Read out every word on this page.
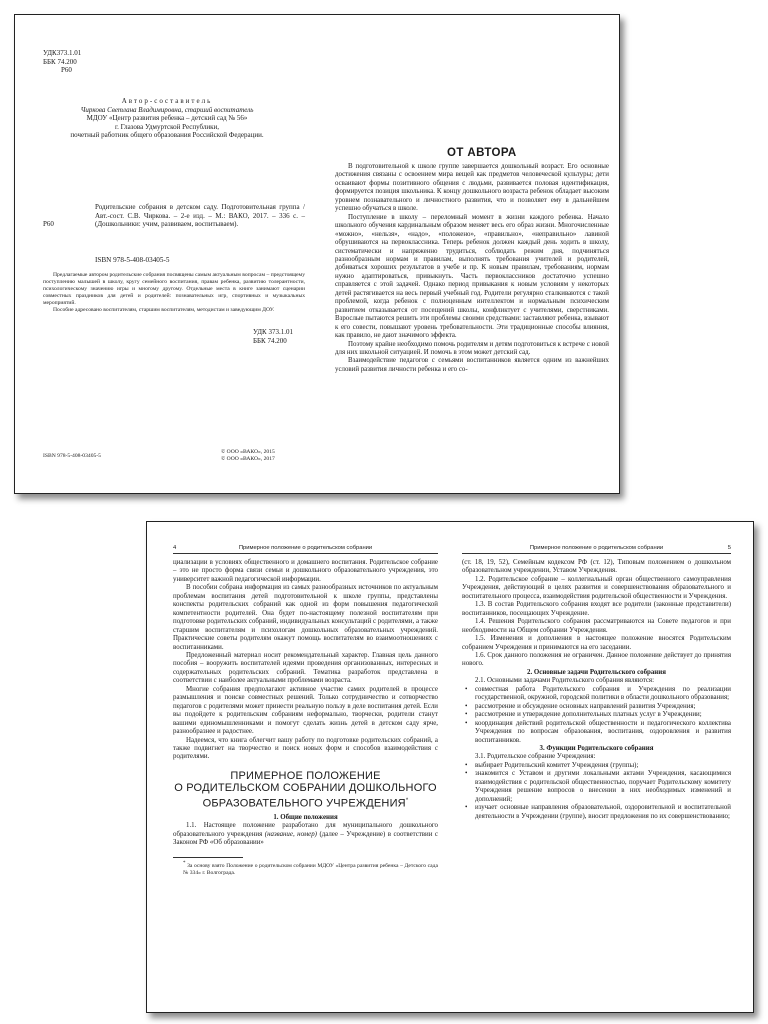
УДК373.1.01
ББК 74.200
Р60
Автор-составитель
Чиркова Светлана Владимировна, старший воспитатель
МДОУ «Центр развития ребенка – детский сад № 56»
г. Глазова Удмуртской Республики,
почетный работник общего образования Российской Федерации.
Р60
Родительские собрания в детском саду. Подготовительная группа / Авт.-сост. С.В. Чиркова. – 2-е изд. – М.: ВАКО, 2017. – 336 с. – (Дошкольники: учим, развиваем, воспитываем).
ISBN 978-5-408-03405-5

Предлагаемые автором родительские собрания посвящены самым актуальным вопросам – предстоящему поступлению малышей в школу, кругу семейного воспитания, правам ребенка, развитию толерантности, психологическому значению игры и многому другому. Отдельные места в книге занимают сценарии совместных праздников для детей и родителей: познавательных игр, спортивных и музыкальных мероприятий.

Пособие адресовано воспитателям, старшим воспитателям, методистам и заведующим ДОУ.

УДК 373.1.01
ББК 74.200
ISBN 978-5-408-03405-5
© ООО «ВАКО», 2015
© ООО «ВАКО», 2017
ОТ АВТОРА

В подготовительной к школе группе завершается дошкольный возраст. Его основные достижения связаны с освоением мира вещей как предметов человеческой культуры; дети осваивают формы позитивного общения с людьми, развивается половая идентификация, формируется позиция школьника. К концу дошкольного возраста ребенок обладает высоким уровнем познавательного и личностного развития, что и позволяет ему в дальнейшем успешно обучаться в школе.

Поступление в школу – переломный момент в жизни каждого ребенка. Начало школьного обучения кардинальным образом меняет весь его образ жизни. Многочисленные «можно», «нельзя», «надо», «положено», «правильно», «неправильно» лавиной обрушиваются на первоклассника. Теперь ребенок должен каждый день ходить в школу, систематически и напряженно трудиться, соблюдать режим дня, подчиняться разнообразным нормам и правилам, выполнять требования учителей и родителей, добиваться хороших результатов в учебе и пр. К новым правилам, требованиям, нормам нужно адаптироваться, привыкнуть. Часть первоклассников достаточно успешно справляется с этой задачей. Однако период привыкания к новым условиям у некоторых детей растягивается на весь первый учебный год. Родители регулярно сталкиваются с такой проблемой, когда ребенок с полноценным интеллектом и нормальным психическим развитием отказывается от посещений школы, конфликтует с учителями, сверстниками. Взрослые пытаются решить эти проблемы своими средствами: заставляют ребенка, взывают к его совести, повышают уровень требовательности. Эти традиционные способы влияния, как правило, не дают значимого эффекта.

Поэтому крайне необходимо помочь родителям и детям подготовиться к встрече с новой для них школьной ситуацией. И помочь в этом может детский сад.

Взаимодействие педагогов с семьями воспитанников является одним из важнейших условий развития личности ребенка и его со-

4	Примерное положение о родительском собрании

циализации в условиях общественного и домашнего воспитания. Родительское собрание – это не просто форма связи семьи и дошкольного образовательного учреждения, это университет важной педагогической информации.

В пособии собрана информация из самых разнообразных источников по актуальным проблемам воспитания детей подготовительной к школе группы, представлены конспекты родительских собраний как одной из форм повышения педагогической компетентности родителей. Она будет по-настоящему полезной воспитателям при подготовке родительских собраний, индивидуальных консультаций с родителями, а также старшим воспитателям и психологам дошкольных образовательных учреждений. Практические советы родителям окажут помощь воспитателям во взаимоотношениях с воспитанниками.

Предложенный материал носит рекомендательный характер. Главная цель данного пособия – вооружить воспитателей идеями проведения организованных, интересных и содержательных родительских собраний. Тематика разработок представлена в соответствии с наиболее актуальными проблемами возраста.

Многие собрания предполагают активное участие самих родителей в процессе размышления и поиске совместных решений. Только сотрудничество и сотворчество педагогов с родителями может принести реальную пользу в деле воспитания детей. Если вы подойдете к родительским собраниям неформально, творчески, родители станут вашими единомышленниками и помогут сделать жизнь детей в детском саду ярче, разнообразнее и радостнее.

Надеемся, что книга облегчит вашу работу по подготовке родительских собраний, а также подвигнет на творчество и поиск новых форм и способов взаимодействия с родителями.

ПРИМЕРНОЕ ПОЛОЖЕНИЕ
О РОДИТЕЛЬСКОМ СОБРАНИИ ДОШКОЛЬНОГО
ОБРАЗОВАТЕЛЬНОГО УЧРЕЖДЕНИЯ*

1. Общие положения

1.1. Настоящее положение разработано для муниципального дошкольного образовательного учреждения (название, номер) (далее – Учреждение) в соответствии с Законом РФ «Об образовании»

* За основу взято Положение о родительском собрании МДОУ «Центра развития ребенка – Детского сада № 334» г. Волгограда.
5
Примерное положение о родительском собрании

(ст. 18, 19, 52), Семейным кодексом РФ (ст. 12), Типовым положением о дошкольном образовательном учреждении, Уставом Учреждения.

1.2. Родительское собрание – коллегиальный орган общественного самоуправления Учреждения, действующий в целях развития и совершенствования образовательного и воспитательного процесса, взаимодействия родительской общественности и Учреждения.

1.3. В состав Родительского собрания входят все родители (законные представители) воспитанников, посещающих Учреждение.

1.4. Решения Родительского собрания рассматриваются на Совете педагогов и при необходимости на Общем собрании Учреждения.

1.5. Изменения и дополнения в настоящее положение вносятся Родительским собранием Учреждения и принимаются на его заседании.

1.6. Срок данного положения не ограничен. Данное положение действует до принятия нового.

2. Основные задачи Родительского собрания

2.1. Основными задачами Родительского собрания являются:

• совместная работа Родительского собрания и Учреждения по реализации государственной, окружной, городской политики в области дошкольного образования;
• рассмотрение и обсуждение основных направлений развития Учреждения;
• рассмотрение и утверждение дополнительных платных услуг в Учреждении;
• координация действий родительской общественности и педагогического коллектива Учреждения по вопросам образования, воспитания, оздоровления и развития воспитанников.

3. Функции Родительского собрания

3.1. Родительское собрание Учреждения:

• выбирает Родительский комитет Учреждения (группы);
• знакомится с Уставом и другими локальными актами Учреждения, касающимися взаимодействия с родительской общественностью, поручает Родительскому комитету Учреждения решение вопросов о внесении в них необходимых изменений и дополнений;
• изучает основные направления образовательной, оздоровительной и воспитательной деятельности в Учреждении (группе), вносит предложения по их совершенствованию;
